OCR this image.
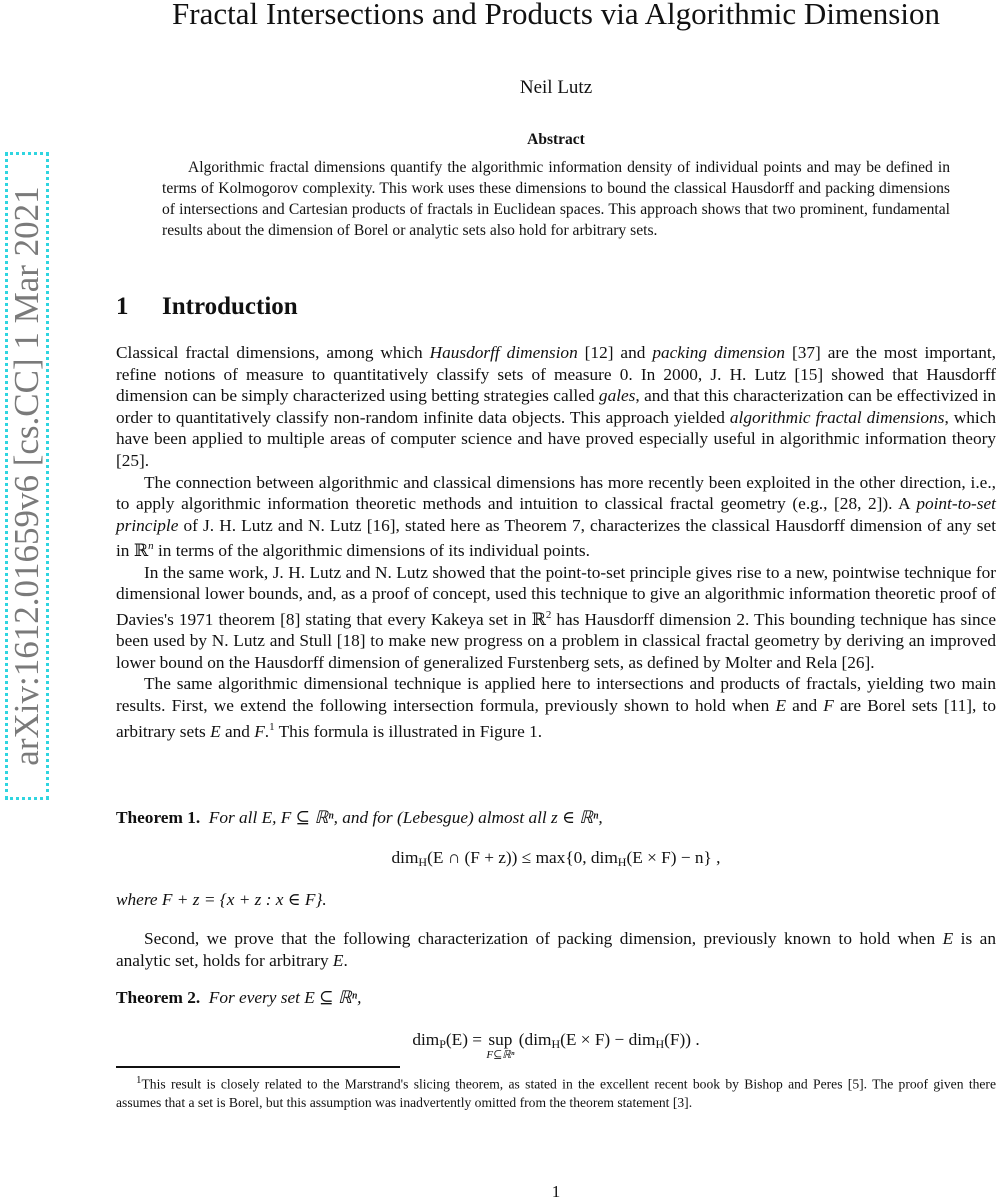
arXiv:1612.01659v6 [cs.CC] 1 Mar 2021
Fractal Intersections and Products via Algorithmic Dimension
Neil Lutz
Abstract
Algorithmic fractal dimensions quantify the algorithmic information density of individual points and may be defined in terms of Kolmogorov complexity. This work uses these dimensions to bound the classical Hausdorff and packing dimensions of intersections and Cartesian products of fractals in Euclidean spaces. This approach shows that two prominent, fundamental results about the dimension of Borel or analytic sets also hold for arbitrary sets.
1 Introduction

Classical fractal dimensions, among which Hausdorff dimension [12] and packing dimension [37] are the most important, refine notions of measure to quantitatively classify sets of measure 0. In 2000, J. H. Lutz [15] showed that Hausdorff dimension can be simply characterized using betting strategies called gales, and that this characterization can be effectivized in order to quantitatively classify non-random infinite data objects. This approach yielded algorithmic fractal dimensions, which have been applied to multiple areas of computer science and have proved especially useful in algorithmic information theory [25].

The connection between algorithmic and classical dimensions has more recently been exploited in the other direction, i.e., to apply algorithmic information theoretic methods and intuition to classical fractal geometry (e.g., [28, 2]). A point-to-set principle of J. H. Lutz and N. Lutz [16], stated here as Theorem 7, characterizes the classical Hausdorff dimension of any set in ℝ$^n$ in terms of the algorithmic dimensions of its individual points.

In the same work, J. H. Lutz and N. Lutz showed that the point-to-set principle gives rise to a new, pointwise technique for dimensional lower bounds, and, as a proof of concept, used this technique to give an algorithmic information theoretic proof of Davies's 1971 theorem [8] stating that every Kakeya set in ℝ$^2$ has Hausdorff dimension 2. This bounding technique has since been used by N. Lutz and Stull [18] to make new progress on a problem in classical fractal geometry by deriving an improved lower bound on the Hausdorff dimension of generalized Furstenberg sets, as defined by Molter and Rela [26].

The same algorithmic dimensional technique is applied here to intersections and products of fractals, yielding two main results. First, we extend the following intersection formula, previously shown to hold when E and F are Borel sets [11], to arbitrary sets E and F.$^1$ This formula is illustrated in Figure 1.

Theorem 1. For all E, F ⊆ ℝⁿ, and for (Lebesgue) almost all z ∈ ℝⁿ,
dim$_H$(E ∩ (F + z)) ≤ max{0, dim$_H$(E × F) − n} ,
where F + z = {x + z : x ∈ F}.
Second, we prove that the following characterization of packing dimension, previously known to hold when E is an analytic set, holds for arbitrary E.
Theorem 2. For every set E ⊆ ℝⁿ,
dim$_P$(E) = sup
F⊆ℝⁿ
(dim$_H$(E × F) − dim$_H$(F)) .
$^1$This result is closely related to the Marstrand's slicing theorem, as stated in the excellent recent book by Bishop and Peres [5]. The proof given there assumes that a set is Borel, but this assumption was inadvertently omitted from the theorem statement [3].
1
